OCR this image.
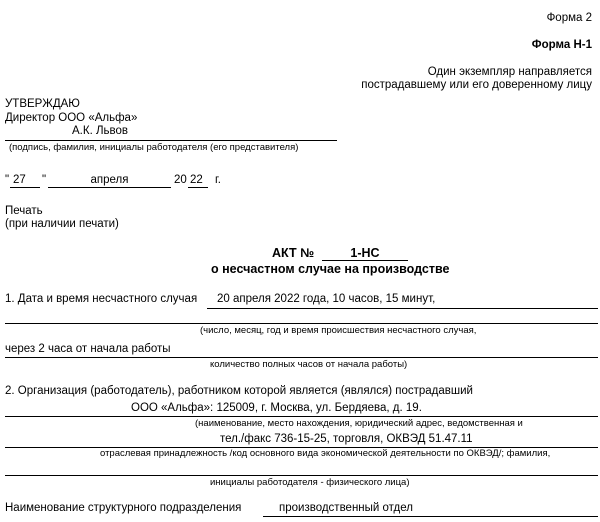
Форма 2
Форма Н-1
Один экземпляр направляется
пострадавшему или его доверенному лицу
УТВЕРЖДАЮ
Директор ООО «Альфа»
А.К. Львов
(подпись, фамилия, инициалы работодателя (его представителя)
" 27 "	апреля	20 22 г.
Печать
(при наличии печати)
АКТ №	1-НС
о несчастном случае на производстве
1. Дата и время несчастного случая 20 апреля 2022 года, 10 часов, 15 минут,
(число, месяц, год и время происшествия несчастного случая,
через 2 часа от начала работы
количество полных часов от начала работы)
2. Организация (работодатель), работником которой является (являлся) пострадавший
ООО «Альфа»: 125009, г. Москва, ул. Бердяева, д. 19.
(наименование, место нахождения, юридический адрес, ведомственная и
тел./факс 736-15-25, торговля, ОКВЭД 51.47.11
отраслевая принадлежность /код основного вида экономической деятельности по ОКВЭД/; фамилия,
инициалы работодателя - физического лица)
Наименование структурного подразделения	производственный отдел
